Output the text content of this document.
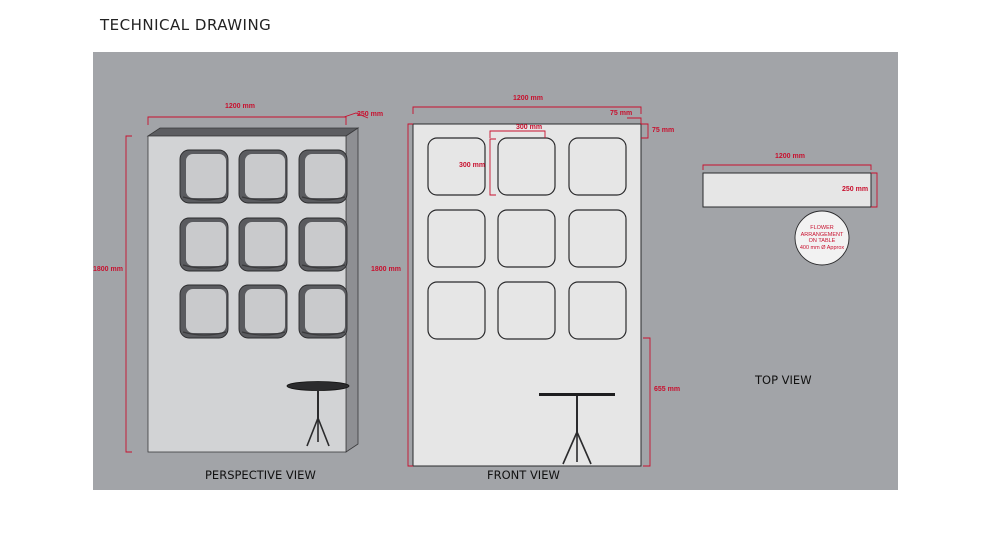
TECHNICAL DRAWING
PERSPECTIVE VIEW	FRONT VIEW
TOP VIEW
1200 mm
250 mm
1800 mm
1200 mm
75 mm
75 mm
300 mm
300 mm
1800 mm
655 mm
1200 mm
250 mm
FLOWER
ARRANGEMENT
ON TABLE
400 mm Ø Approx
